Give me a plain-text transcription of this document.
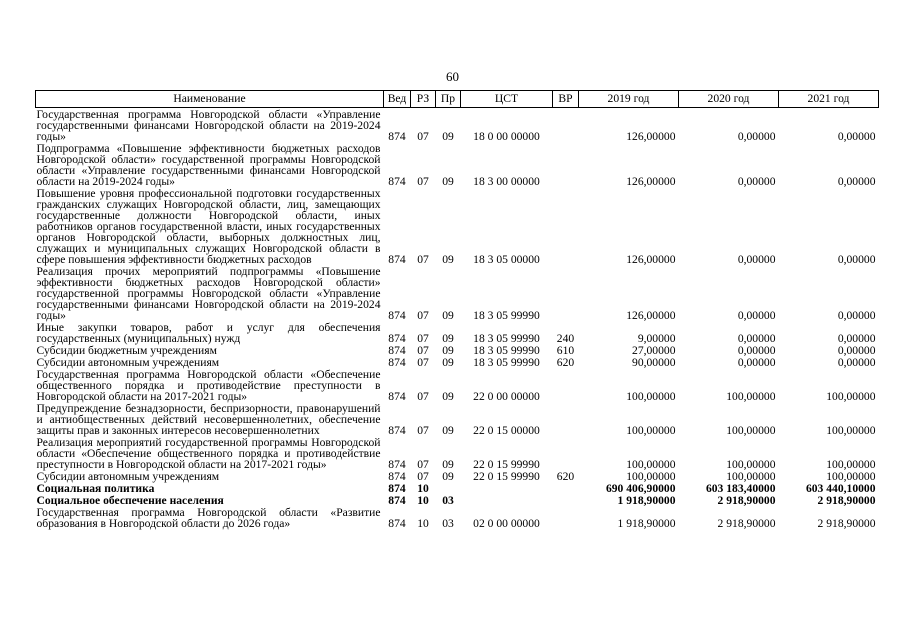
60
Наименование	Вед	РЗ	Пр	ЦСТ	ВР	2019 год	2020 год	2021 год
Государственная программа Новгородской области «Управление государственными финансами Новгородской области на 2019-2024 годы»	874	07	09	18 0 00 00000		126,00000	0,00000	0,00000
Подпрограмма «Повышение эффективности бюджетных расходов Новгородской области» государственной программы Новгородской области «Управление государственными финансами Новгородской области на 2019-2024 годы»	874	07	09	18 3 00 00000		126,00000	0,00000	0,00000
Повышение уровня профессиональной подготовки государственных гражданских служащих Новгородской области, лиц, замещающих государственные должности Новгородской области, иных работников органов государственной власти, иных государственных органов Новгородской области, выборных должностных лиц, служащих и муниципальных служащих Новгородской области в сфере повышения эффективности бюджетных расходов	874	07	09	18 3 05 00000		126,00000	0,00000	0,00000
Реализация прочих мероприятий подпрограммы «Повышение эффективности бюджетных расходов Новгородской области» государственной программы Новгородской области «Управление государственными финансами Новгородской области на 2019-2024 годы»	874	07	09	18 3 05 99990		126,00000	0,00000	0,00000
Иные закупки товаров, работ и услуг для обеспечения государственных (муниципальных) нужд	874	07	09	18 3 05 99990	240	9,00000	0,00000	0,00000
Субсидии бюджетным учреждениям	874	07	09	18 3 05 99990	610	27,00000	0,00000	0,00000
Субсидии автономным учреждениям	874	07	09	18 3 05 99990	620	90,00000	0,00000	0,00000
Государственная программа Новгородской области «Обеспечение общественного порядка и противодействие преступности в Новгородской области на 2017-2021 годы»	874	07	09	22 0 00 00000		100,00000	100,00000	100,00000
Предупреждение безнадзорности, беспризорности, правонарушений и антиобщественных действий несовершеннолетних, обеспечение защиты прав и законных интересов несовершеннолетних	874	07	09	22 0 15 00000		100,00000	100,00000	100,00000
Реализация мероприятий государственной программы Новгородской области «Обеспечение общественного порядка и противодействие преступности в Новгородской области на 2017-2021 годы»	874	07	09	22 0 15 99990		100,00000	100,00000	100,00000
Субсидии автономным учреждениям	874	07	09	22 0 15 99990	620	100,00000	100,00000	100,00000
Социальная политика	874	10				690 406,90000	603 183,40000	603 440,10000
Социальное обеспечение населения	874	10	03			1 918,90000	2 918,90000	2 918,90000
Государственная программа Новгородской области «Развитие образования в Новгородской области до 2026 года»	874	10	03	02 0 00 00000		1 918,90000	2 918,90000	2 918,90000
